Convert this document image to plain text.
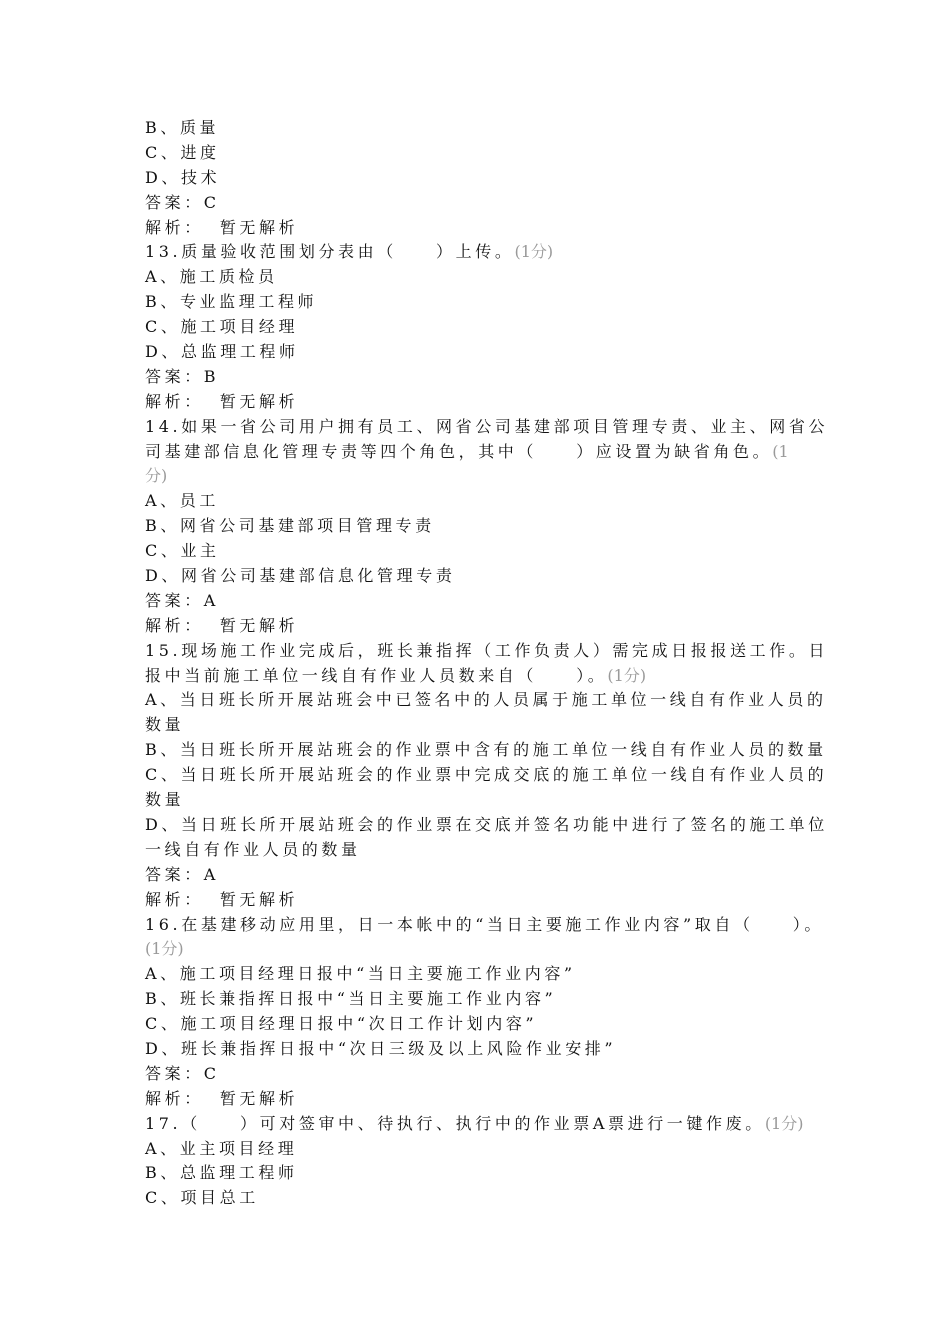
B、质量
C、进度
D、技术
答案：C
解析： 暂无解析
13.质量验收范围划分表由（　　）上传。(1分)
A、施工质检员
B、专业监理工程师
C、施工项目经理
D、总监理工程师
答案：B
解析： 暂无解析
14.如果一省公司用户拥有员工、网省公司基建部项目管理专责、业主、网省公
司基建部信息化管理专责等四个角色，其中（　　）应设置为缺省角色。(1
分)
A、员工
B、网省公司基建部项目管理专责
C、业主
D、网省公司基建部信息化管理专责
答案：A
解析： 暂无解析
15.现场施工作业完成后，班长兼指挥（工作负责人）需完成日报报送工作。日
报中当前施工单位一线自有作业人员数来自（　　）。(1分)
A、当日班长所开展站班会中已签名中的人员属于施工单位一线自有作业人员的
数量
B、当日班长所开展站班会的作业票中含有的施工单位一线自有作业人员的数量
C、当日班长所开展站班会的作业票中完成交底的施工单位一线自有作业人员的
数量
D、当日班长所开展站班会的作业票在交底并签名功能中进行了签名的施工单位
一线自有作业人员的数量
答案：A
解析： 暂无解析
16.在基建移动应用里，日一本帐中的“当日主要施工作业内容”取自（　　）。
(1分)
A、施工项目经理日报中“当日主要施工作业内容”
B、班长兼指挥日报中“当日主要施工作业内容”
C、施工项目经理日报中“次日工作计划内容”
D、班长兼指挥日报中“次日三级及以上风险作业安排”
答案：C
解析： 暂无解析
17.（　　）可对签审中、待执行、执行中的作业票A票进行一键作废。(1分)
A、业主项目经理
B、总监理工程师
C、项目总工
